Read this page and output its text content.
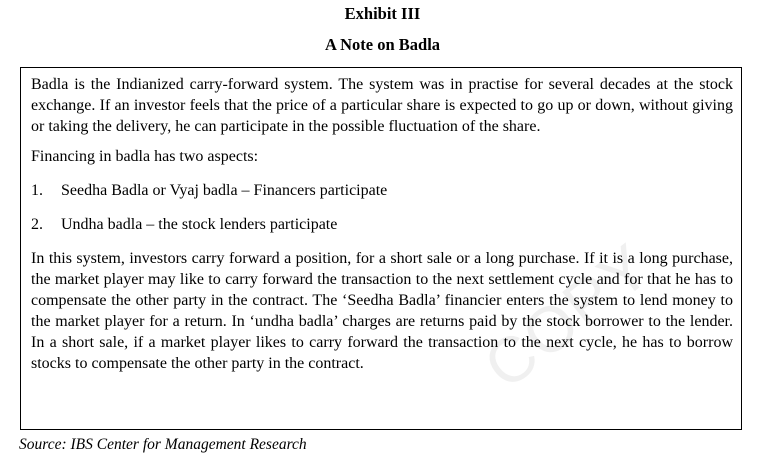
Exhibit III
A Note on Badla

Badla is the Indianized carry-forward system. The system was in practise for several decades at the stock exchange. If an investor feels that the price of a particular share is expected to go up or down, without giving or taking the delivery, he can participate in the possible fluctuation of the share.

Financing in badla has two aspects:

1.	Seedha Badla or Vyaj badla – Financers participate
2.	Undha badla – the stock lenders participate

In this system, investors carry forward a position, for a short sale or a long purchase. If it is a long purchase, the market player may like to carry forward the transaction to the next settlement cycle and for that he has to compensate the other party in the contract. The ‘Seedha Badla’ financier enters the system to lend money to the market player for a return. In ‘undha badla’ charges are returns paid by the stock borrower to the lender. In a short sale, if a market player likes to carry forward the transaction to the next cycle, he has to borrow stocks to compensate the other party in the contract.

Source: IBS Center for Management Research
COPY
